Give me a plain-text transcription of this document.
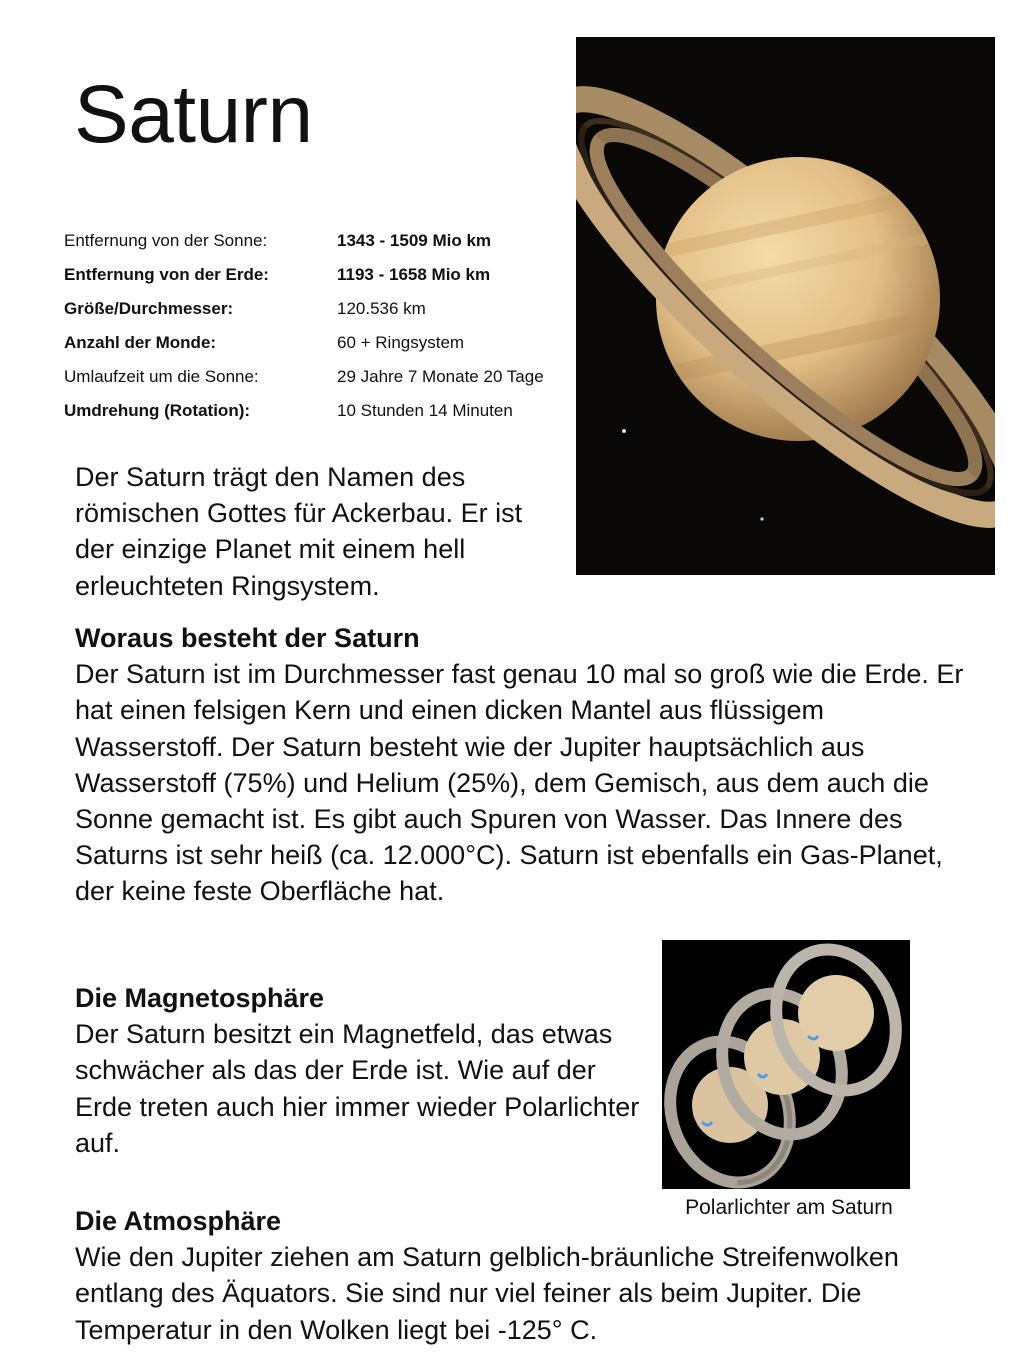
Saturn
Entfernung von der Sonne:	1343 - 1509 Mio km
Entfernung von der Erde:	1193 - 1658 Mio km
Größe/Durchmesser:	120.536 km
Anzahl der Monde:	60 + Ringsystem
Umlaufzeit um die Sonne:	29 Jahre 7 Monate 20 Tage
Umdrehung (Rotation):	10 Stunden 14 Minuten

Der Saturn trägt den Namen des römischen Gottes für Ackerbau. Er ist der einzige Planet mit einem hell erleuchteten Ringsystem.

Woraus besteht der Saturn
Der Saturn ist im Durchmesser fast genau 10 mal so groß wie die Erde. Er hat einen felsigen Kern und einen dicken Mantel aus flüssigem Wasserstoff. Der Saturn besteht wie der Jupiter hauptsächlich aus Wasserstoff (75%) und Helium (25%), dem Gemisch, aus dem auch die Sonne gemacht ist. Es gibt auch Spuren von Wasser. Das Innere des Saturns ist sehr heiß (ca. 12.000°C). Saturn ist ebenfalls ein Gas-Planet, der keine feste Oberfläche hat.
Die Magnetosphäre
Der Saturn besitzt ein Magnetfeld, das etwas schwächer als das der Erde ist. Wie auf der Erde treten auch hier immer wieder Polarlichter auf.
Polarlichter am Saturn
Die Atmosphäre
Wie den Jupiter ziehen am Saturn gelblich-bräunliche Streifenwolken entlang des Äquators. Sie sind nur viel feiner als beim Jupiter. Die Temperatur in den Wolken liegt bei -125° C.
